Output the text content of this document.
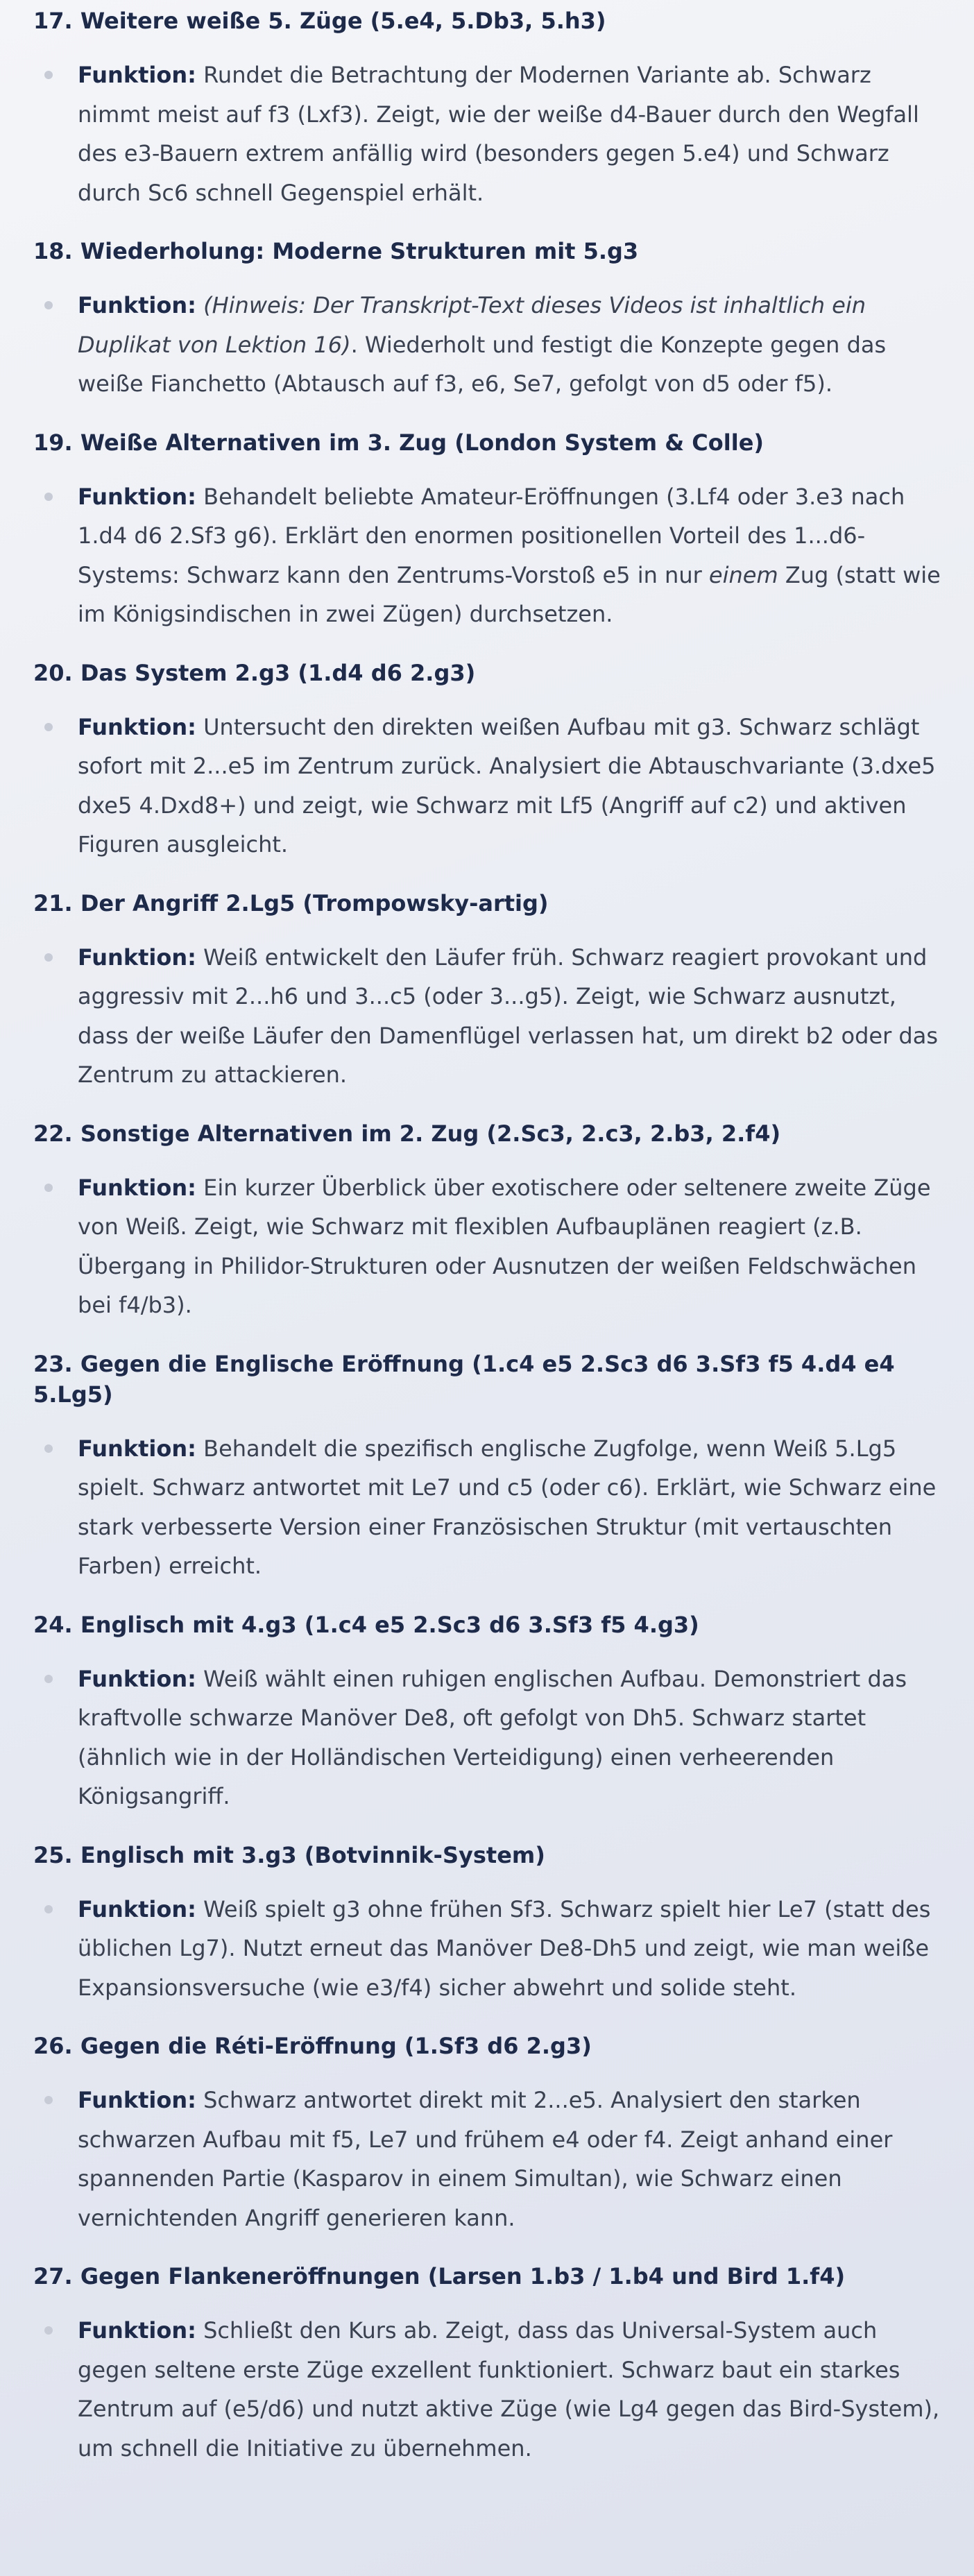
17. Weitere weiße 5. Züge (5.e4, 5.Db3, 5.h3)
Funktion: Rundet die Betrachtung der Modernen Variante ab. Schwarz nimmt meist auf f3 (Lxf3). Zeigt, wie der weiße d4-Bauer durch den Wegfall des e3-Bauern extrem anfällig wird (besonders gegen 5.e4) und Schwarz durch Sc6 schnell Gegenspiel erhält.
18. Wiederholung: Moderne Strukturen mit 5.g3
Funktion: (Hinweis: Der Transkript-Text dieses Videos ist inhaltlich ein Duplikat von Lektion 16). Wiederholt und festigt die Konzepte gegen das weiße Fianchetto (Abtausch auf f3, e6, Se7, gefolgt von d5 oder f5).
19. Weiße Alternativen im 3. Zug (London System & Colle)
Funktion: Behandelt beliebte Amateur-Eröffnungen (3.Lf4 oder 3.e3 nach 1.d4 d6 2.Sf3 g6). Erklärt den enormen positionellen Vorteil des 1...d6-Systems: Schwarz kann den Zentrums-Vorstoß e5 in nur einem Zug (statt wie im Königsindischen in zwei Zügen) durchsetzen.
20. Das System 2.g3 (1.d4 d6 2.g3)
Funktion: Untersucht den direkten weißen Aufbau mit g3. Schwarz schlägt sofort mit 2...e5 im Zentrum zurück. Analysiert die Abtauschvariante (3.dxe5 dxe5 4.Dxd8+) und zeigt, wie Schwarz mit Lf5 (Angriff auf c2) und aktiven Figuren ausgleicht.
21. Der Angriff 2.Lg5 (Trompowsky-artig)
Funktion: Weiß entwickelt den Läufer früh. Schwarz reagiert provokant und aggressiv mit 2...h6 und 3...c5 (oder 3...g5). Zeigt, wie Schwarz ausnutzt, dass der weiße Läufer den Damenflügel verlassen hat, um direkt b2 oder das Zentrum zu attackieren.
22. Sonstige Alternativen im 2. Zug (2.Sc3, 2.c3, 2.b3, 2.f4)
Funktion: Ein kurzer Überblick über exotischere oder seltenere zweite Züge von Weiß. Zeigt, wie Schwarz mit flexiblen Aufbauplänen reagiert (z.B. Übergang in Philidor-Strukturen oder Ausnutzen der weißen Feldschwächen bei f4/b3).
23. Gegen die Englische Eröffnung (1.c4 e5 2.Sc3 d6 3.Sf3 f5 4.d4 e4 5.Lg5)
Funktion: Behandelt die spezifisch englische Zugfolge, wenn Weiß 5.Lg5 spielt. Schwarz antwortet mit Le7 und c5 (oder c6). Erklärt, wie Schwarz eine stark verbesserte Version einer Französischen Struktur (mit vertauschten Farben) erreicht.
24. Englisch mit 4.g3 (1.c4 e5 2.Sc3 d6 3.Sf3 f5 4.g3)
Funktion: Weiß wählt einen ruhigen englischen Aufbau. Demonstriert das kraftvolle schwarze Manöver De8, oft gefolgt von Dh5. Schwarz startet (ähnlich wie in der Holländischen Verteidigung) einen verheerenden Königsangriff.
25. Englisch mit 3.g3 (Botvinnik-System)
Funktion: Weiß spielt g3 ohne frühen Sf3. Schwarz spielt hier Le7 (statt des üblichen Lg7). Nutzt erneut das Manöver De8-Dh5 und zeigt, wie man weiße Expansionsversuche (wie e3/f4) sicher abwehrt und solide steht.
26. Gegen die Réti-Eröffnung (1.Sf3 d6 2.g3)
Funktion: Schwarz antwortet direkt mit 2...e5. Analysiert den starken schwarzen Aufbau mit f5, Le7 und frühem e4 oder f4. Zeigt anhand einer spannenden Partie (Kasparov in einem Simultan), wie Schwarz einen vernichtenden Angriff generieren kann.
27. Gegen Flankeneröffnungen (Larsen 1.b3 / 1.b4 und Bird 1.f4)
Funktion: Schließt den Kurs ab. Zeigt, dass das Universal-System auch gegen seltene erste Züge exzellent funktioniert. Schwarz baut ein starkes Zentrum auf (e5/d6) und nutzt aktive Züge (wie Lg4 gegen das Bird-System), um schnell die Initiative zu übernehmen.
